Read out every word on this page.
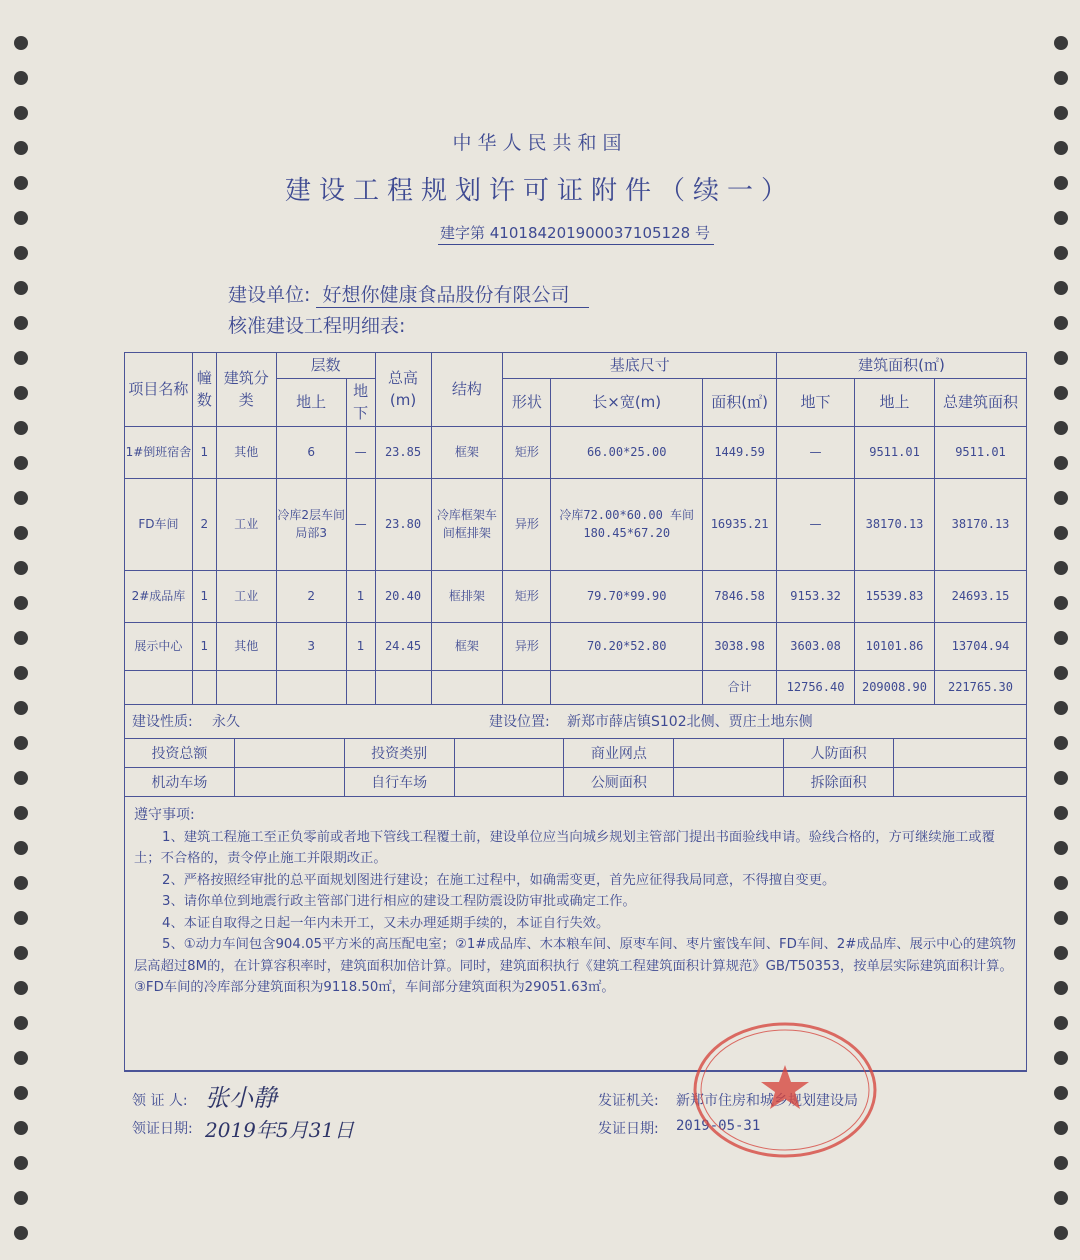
中华人民共和国
建设工程规划许可证附件（续一）
建字第 410184201900037105128 号
建设单位: 好想你健康食品股份有限公司
核准建设工程明细表:
项目名称	幢数	建筑分类	层数		总高(m)	结构	基底尺寸			建筑面积(㎡)		
			地上	地下			形状	长×宽(m)	面积(㎡)	地下	地上	总建筑面积
1#倒班宿舍	1	其他	6	—	23.85	框架	矩形	66.00*25.00	1449.59	—	9511.01	9511.01
FD车间	2	工业	冷库2层车间局部3	—	23.80	冷库框架车间框排架	异形	冷库72.00*60.00 车间180.45*67.20	16935.21	—	38170.13	38170.13
2#成品库	1	工业	2	1	20.40	框排架	矩形	79.70*99.90	7846.58	9153.32	15539.83	24693.15
展示中心	1	其他	3	1	24.45	框架	异形	70.20*52.80	3038.98	3603.08	10101.86	13704.94
									合计	12756.40	209008.90	221765.30
建设性质: 永久	建设位置: 新郑市薛店镇S102北侧、贾庄土地东侧
投资总额		投资类别		商业网点		人防面积	
机动车场		自行车场		公厕面积		拆除面积	

遵守事项:

1、建筑工程施工至正负零前或者地下管线工程覆土前，建设单位应当向城乡规划主管部门提出书面验线申请。验线合格的，方可继续施工或覆土；不合格的，责令停止施工并限期改正。

2、严格按照经审批的总平面规划图进行建设；在施工过程中，如确需变更，首先应征得我局同意，不得擅自变更。

3、请你单位到地震行政主管部门进行相应的建设工程防震设防审批或确定工作。

4、本证自取得之日起一年内未开工，又未办理延期手续的，本证自行失效。

5、①动力车间包含904.05平方米的高压配电室；②1#成品库、木本粮车间、原枣车间、枣片蜜饯车间、FD车间、2#成品库、展示中心的建筑物层高超过8M的，在计算容积率时，建筑面积加倍计算。同时，建筑面积执行《建筑工程建筑面积计算规范》GB/T50353，按单层实际建筑面积计算。③FD车间的冷库部分建筑面积为9118.50㎡，车间部分建筑面积为29051.63㎡。

领 证 人: 张小静
领证日期: 2019年5月31日
发证机关: 新郑市住房和城乡规划建设局
发证日期: 2019-05-31
